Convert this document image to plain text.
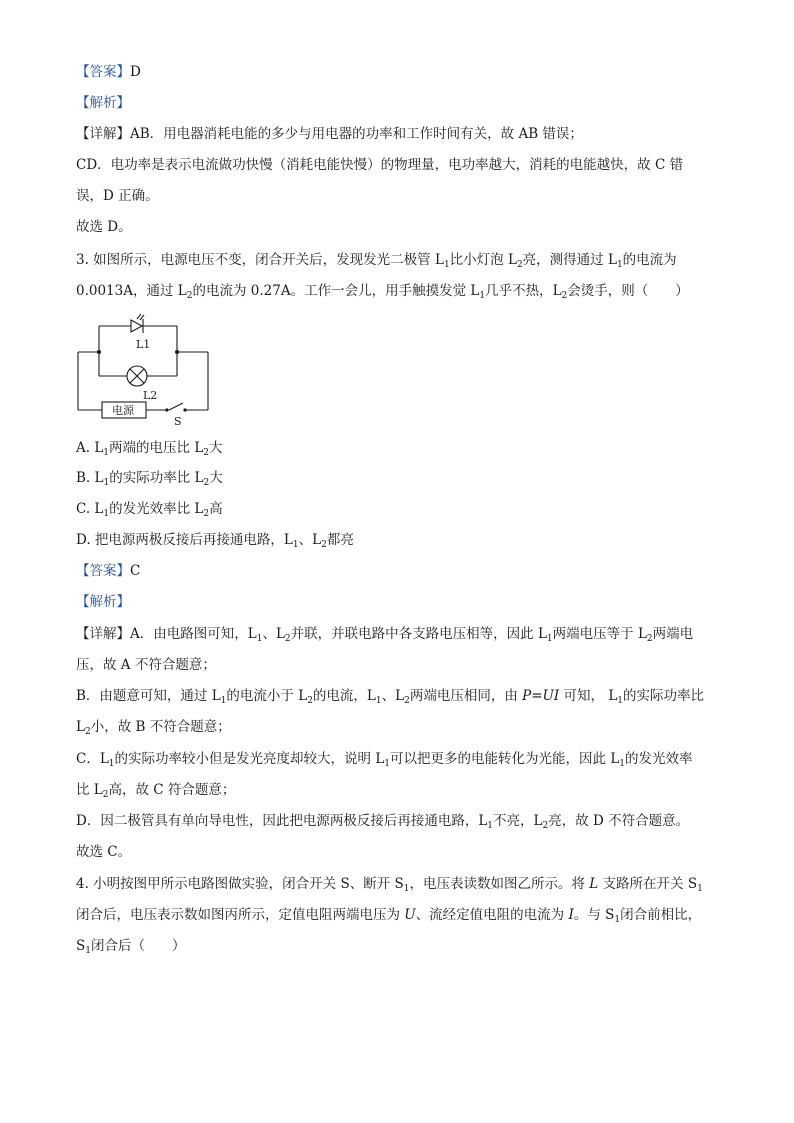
【答案】D
【解析】
【详解】AB．用电器消耗电能的多少与用电器的功率和工作时间有关，故 AB 错误；
CD．电功率是表示电流做功快慢（消耗电能快慢）的物理量，电功率越大，消耗的电能越快，故 C 错
误，D 正确。
故选 D。
3. 如图所示，电源电压不变，闭合开关后，发现发光二极管 $L_1$比小灯泡 $L_2$亮，测得通过 $L_1$的电流为
0.0013A，通过 $L_2$的电流为 0.27A。工作一会儿，用手触摸发觉 $L_1$几乎不热，$L_2$会烫手，则（　　）
L1
L2
电源
S
A. $L_1$两端的电压比 $L_2$大
B. $L_1$的实际功率比 $L_2$大
C. $L_1$的发光效率比 $L_2$高
D. 把电源两极反接后再接通电路，$L_1$、$L_2$都亮
【答案】C
【解析】
【详解】A．由电路图可知，$L_1$、$L_2$并联，并联电路中各支路电压相等，因此 $L_1$两端电压等于 $L_2$两端电
压，故 A 不符合题意；
B．由题意可知，通过 $L_1$的电流小于 $L_2$的电流，$L_1$、$L_2$两端电压相同，由 P=UI 可知， $L_1$的实际功率比
$L_2$小，故 B 不符合题意；
C．$L_1$的实际功率较小但是发光亮度却较大，说明 $L_1$可以把更多的电能转化为光能，因此 $L_1$的发光效率
比 $L_2$高，故 C 符合题意；
D．因二极管具有单向导电性，因此把电源两极反接后再接通电路，$L_1$不亮，$L_2$亮，故 D 不符合题意。
故选 C。
4. 小明按图甲所示电路图做实验，闭合开关 S、断开 $S_1$，电压表读数如图乙所示。将 L 支路所在开关 $S_1$
闭合后，电压表示数如图丙所示，定值电阻两端电压为 U、流经定值电阻的电流为 I。与 $S_1$闭合前相比，
$S_1$闭合后（　　）
